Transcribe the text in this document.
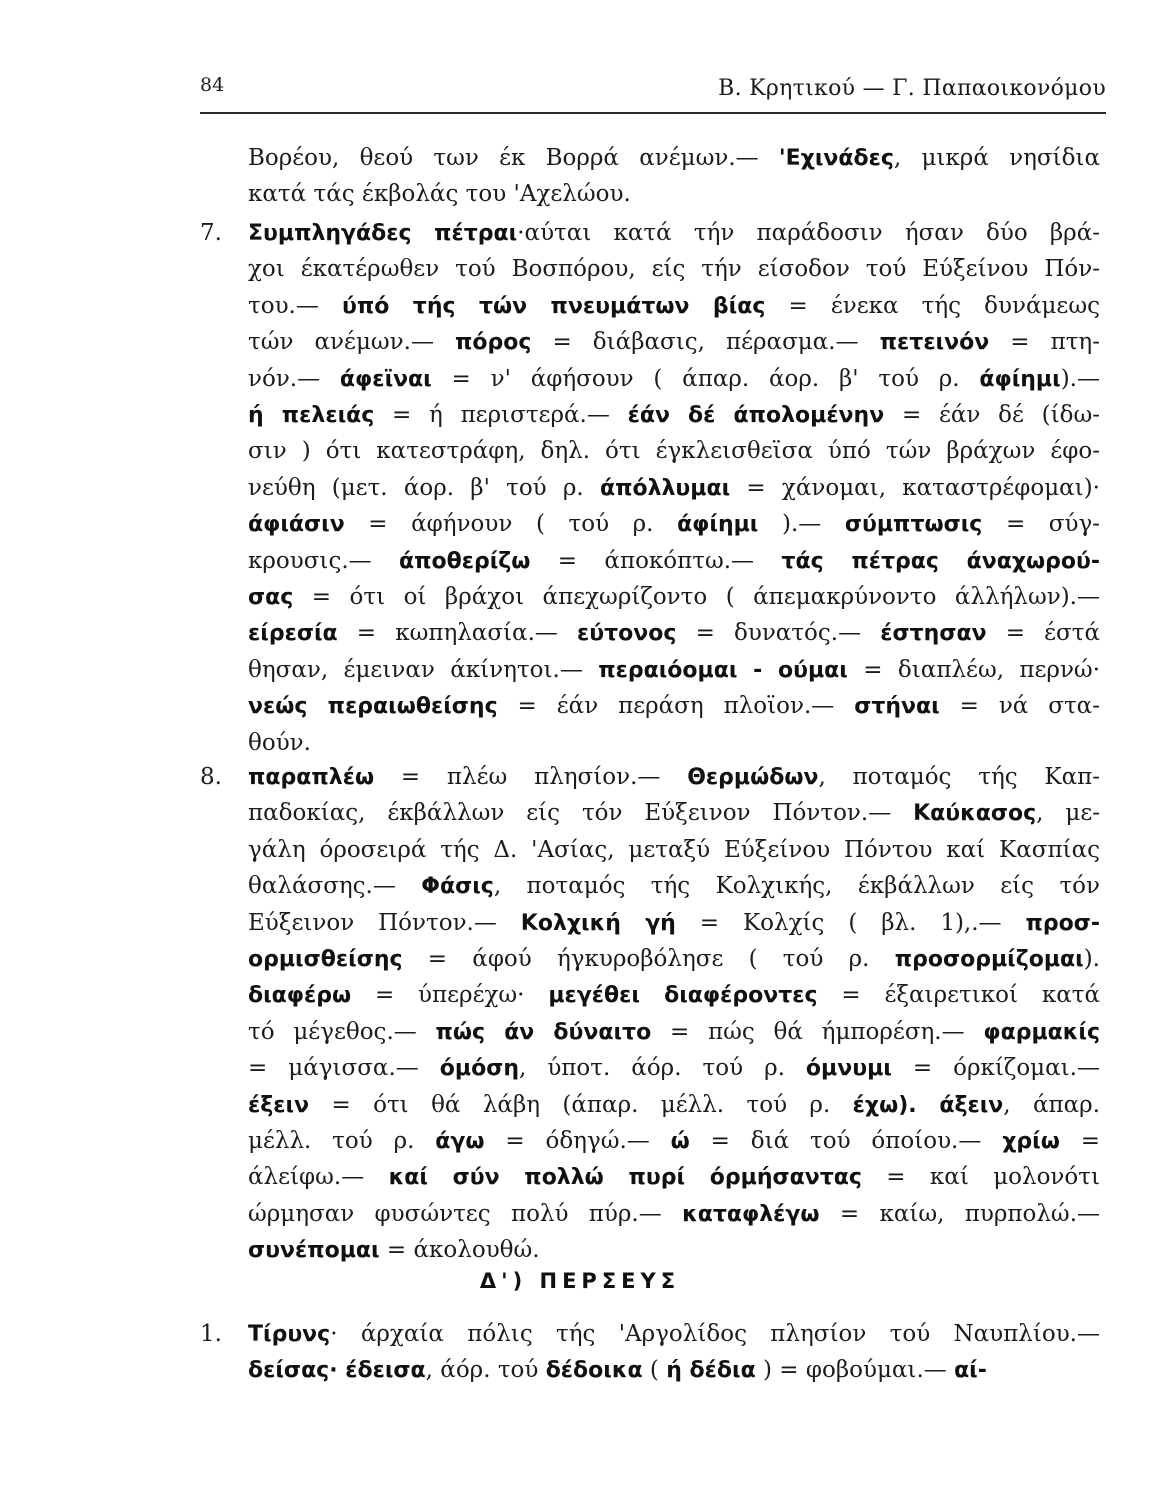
84	Β. Κρητικού — Γ. Παπαοικονόμου
Βορέου, θεού των έκ Βορρά ανέμων.— 'Εχινάδες, μικρά νησίδια
κατά τάς έκβολάς του 'Αχελώου.
7. Συμπληγάδες πέτραι·αύται κατά τήν παράδοσιν ήσαν δύο βρά-
χοι έκατέρωθεν τού Βοσπόρου, είς τήν είσοδον τού Εύξείνου Πόν-
του.— ύπό τής τών πνευμάτων βίας = ένεκα τής δυνάμεως
τών ανέμων.— πόρος = διάβασις, πέρασμα.— πετεινόν = πτη-
νόν.— άφεϊναι = ν' άφήσουν ( άπαρ. άορ. β' τού ρ. άφίημι).—
ή πελειάς = ή περιστερά.— έάν δέ άπολομένην = έάν δέ (ίδω-
σιν ) ότι κατεστράφη, δηλ. ότι έγκλεισθεϊσα ύπό τών βράχων έφο-
νεύθη (μετ. άορ. β' τού ρ. άπόλλυμαι = χάνομαι, καταστρέφομαι)·
άφιάσιν = άφήνουν ( τού ρ. άφίημι ).— σύμπτωσις = σύγ-
κρουσις.— άποθερίζω = άποκόπτω.— τάς πέτρας άναχωρού-
σας = ότι οί βράχοι άπεχωρίζοντο ( άπεμακρύνοντο άλλήλων).—
είρεσία = κωπηλασία.— εύτονος = δυνατός.— έστησαν = έστά
θησαν, έμειναν άκίνητοι.— περαιόομαι - ούμαι = διαπλέω, περνώ·
νεώς περαιωθείσης = έάν περάση πλοϊον.— στήναι = νά στα-
θούν.
8. παραπλέω = πλέω πλησίον.— Θερμώδων, ποταμός τής Καπ-
παδοκίας, έκβάλλων είς τόν Εύξεινον Πόντον.— Καύκασος, με-
γάλη όροσειρά τής Δ. 'Ασίας, μεταξύ Εύξείνου Πόντου καί Κασπίας
θαλάσσης.— Φάσις, ποταμός τής Κολχικής, έκβάλλων είς τόν
Εύξεινον Πόντον.— Κολχική γή = Κολχίς ( βλ. 1),.— προσ-
ορμισθείσης = άφού ήγκυροβόλησε ( τού ρ. προσορμίζομαι).
διαφέρω = ύπερέχω· μεγέθει διαφέροντες = έξαιρετικοί κατά
τό μέγεθος.— πώς άν δύναιτο = πώς θά ήμπορέση.— φαρμακίς
= μάγισσα.— όμόση, ύποτ. άόρ. τού ρ. όμνυμι = όρκίζομαι.—
έξειν = ότι θά λάβη (άπαρ. μέλλ. τού ρ. έχω). άξειν, άπαρ.
μέλλ. τού ρ. άγω = όδηγώ.— ώ = διά τού όποίου.— χρίω =
άλείφω.— καί σύν πολλώ πυρί όρμήσαντας = καί μολονότι
ώρμησαν φυσώντες πολύ πύρ.— καταφλέγω = καίω, πυρπολώ.—
συνέπομαι = άκολουθώ.
1. Τίρυνς· άρχαία πόλις τής 'Αργολίδος πλησίον τού Ναυπλίου.—
δείσας· έδεισα, άόρ. τού δέδοικα ( ή δέδια ) = φοβούμαι.— αί-
Δ') ΠΕΡΣΕΥΣ
